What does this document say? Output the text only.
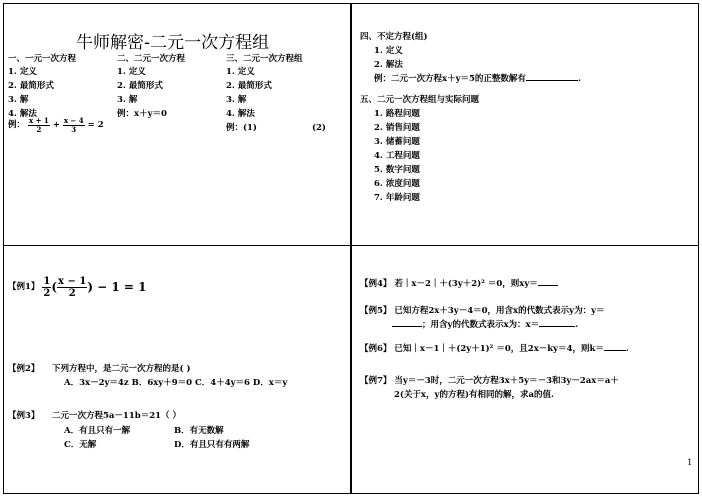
牛师解密-二元一次方程组
一、一元一次方程
1. 定义
2. 最简形式
3. 解
4. 解法
例： $\frac{x + 1}{2} + \frac{x - 4}{3} = 2$
二、二元一次方程
1. 定义
2. 最简形式
3. 解
例：x＋y＝0
三、二元一次方程组
1. 定义
2. 最简形式
3. 解
4. 解法
例：(1)	(2)
四、不定方程(组)
1. 定义
2. 解法
例：二元一次方程x＋y＝5的正整数解有	.
五、二元一次方程组与实际问题
1. 路程问题
2. 销售问题
3. 储蓄问题
4. 工程问题
5. 数字问题
6. 浓度问题
7. 年龄问题
【例1】 $\frac{1}{2}$ ( $\frac{x - 1}{2}$ ) − 1 = 1
【例2】 下列方程中，是二元一次方程的是( )
A．3x－2y＝4z B．6xy＋9＝0 C．4＋4y＝6 D．x＝y
【例3】 二元一次方程5a－11b＝21（ ）
A．有且只有一解	B．有无数解
C．无解	D．有且只有有两解
【例4】 若｜x－2｜＋(3y＋2)² ＝0，则xy＝
【例5】 已知方程2x＋3y－4＝0，用含x的代数式表示y为：y＝
；用含y的代数式表示x为：x＝	.
【例6】 已知｜x－1｜＋(2y＋1)² ＝0，且2x－ky＝4，则k＝	.
【例7】 当y＝－3时，二元一次方程3x＋5y＝－3和3y－2ax＝a＋
2(关于x，y的方程)有相同的解，求a的值.
1
